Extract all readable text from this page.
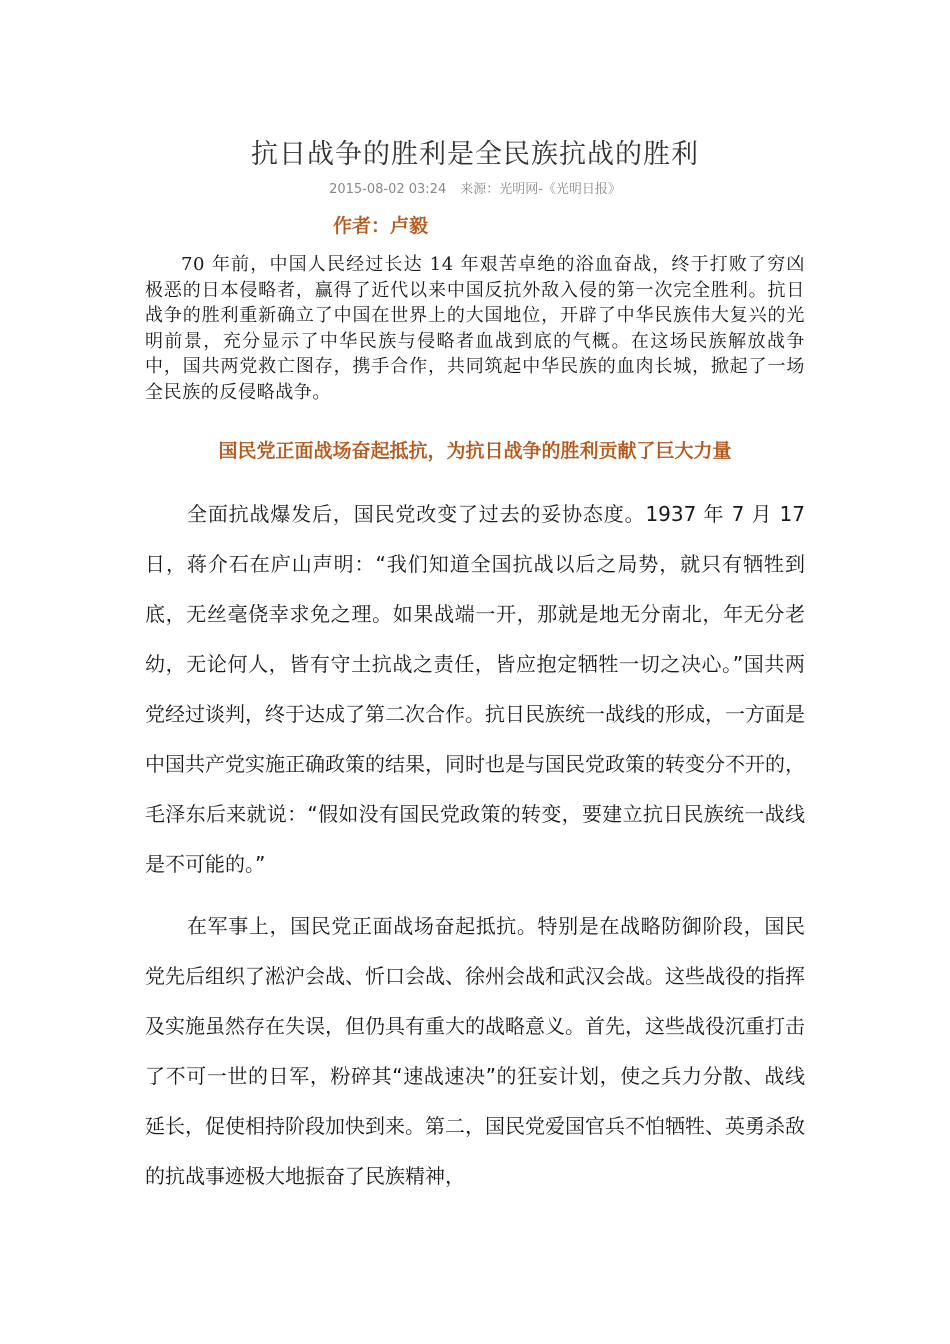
抗日战争的胜利是全民族抗战的胜利
2015-08-02 03:24 来源：光明网-《光明日报》
作者：卢毅

70 年前，中国人民经过长达 14 年艰苦卓绝的浴血奋战，终于打败了穷凶极恶的日本侵略者，赢得了近代以来中国反抗外敌入侵的第一次完全胜利。抗日战争的胜利重新确立了中国在世界上的大国地位，开辟了中华民族伟大复兴的光明前景，充分显示了中华民族与侵略者血战到底的气概。在这场民族解放战争中，国共两党救亡图存，携手合作，共同筑起中华民族的血肉长城，掀起了一场全民族的反侵略战争。

国民党正面战场奋起抵抗，为抗日战争的胜利贡献了巨大力量

全面抗战爆发后，国民党改变了过去的妥协态度。1937 年 7 月 17 日，蒋介石在庐山声明：“我们知道全国抗战以后之局势，就只有牺牲到底，无丝毫侥幸求免之理。如果战端一开，那就是地无分南北，年无分老幼，无论何人，皆有守土抗战之责任，皆应抱定牺牲一切之决心。”国共两党经过谈判，终于达成了第二次合作。抗日民族统一战线的形成，一方面是中国共产党实施正确政策的结果，同时也是与国民党政策的转变分不开的，毛泽东后来就说：“假如没有国民党政策的转变，要建立抗日民族统一战线是不可能的。”

在军事上，国民党正面战场奋起抵抗。特别是在战略防御阶段，国民党先后组织了淞沪会战、忻口会战、徐州会战和武汉会战。这些战役的指挥及实施虽然存在失误，但仍具有重大的战略意义。首先，这些战役沉重打击了不可一世的日军，粉碎其“速战速决”的狂妄计划，使之兵力分散、战线延长，促使相持阶段加快到来。第二，国民党爱国官兵不怕牺牲、英勇杀敌的抗战事迹极大地振奋了民族精神，
